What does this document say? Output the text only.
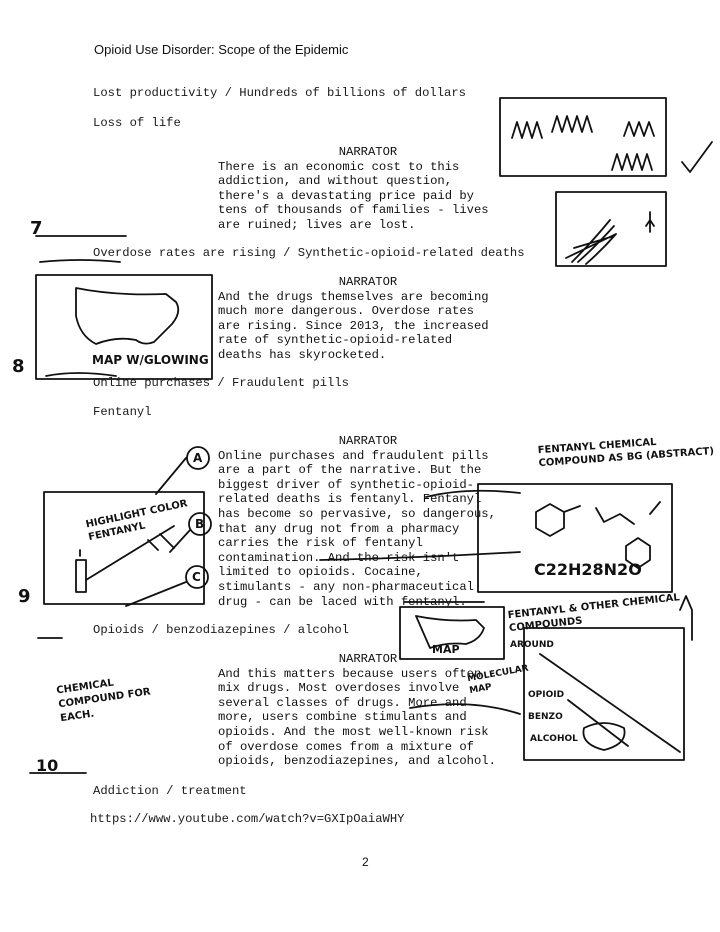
Opioid Use Disorder: Scope of the Epidemic
Lost productivity / Hundreds of billions of dollars
Loss of life
Overdose rates are rising / Synthetic-opioid-related deaths
Online purchases / Fraudulent pills
Fentanyl
Opioids / benzodiazepines / alcohol
Addiction / treatment
NARRATOR
There is an economic cost to this
addiction, and without question,
there's a devastating price paid by
tens of thousands of families - lives
are ruined; lives are lost.
NARRATOR
And the drugs themselves are becoming
much more dangerous. Overdose rates
are rising. Since 2013, the increased
rate of synthetic-opioid-related
deaths has skyrocketed.
NARRATOR
Online purchases and fraudulent pills
are a part of the narrative. But the
biggest driver of synthetic-opioid-
related deaths is fentanyl. Fentanyl
has become so pervasive, so dangerous,
that any drug not from a pharmacy
carries the risk of fentanyl
contamination. And the risk isn't
limited to opioids. Cocaine,
stimulants - any non-pharmaceutical
drug - can be laced with fentanyl.
NARRATOR
And this matters because users often
mix drugs. Most overdoses involve
several classes of drugs. More and
more, users combine stimulants and
opioids. And the most well-known risk
of overdose comes from a mixture of
opioids, benzodiazepines, and alcohol.
https://www.youtube.com/watch?v=GXIpOaiaWHY
2
7
8
9
10
MAP W/GLOWING
HIGHLIGHT COLOR FENTANYL
FENTANYL CHEMICAL COMPOUND AS BG (ABSTRACT)
C22H28N2O
FENTANYL & OTHER CHEMICAL COMPOUNDS
CHEMICAL COMPOUND FOR EACH.
MAP
MOLECULAR MAP
AROUND
A
B
C
OPIOID
BENZO
ALCOHOL
